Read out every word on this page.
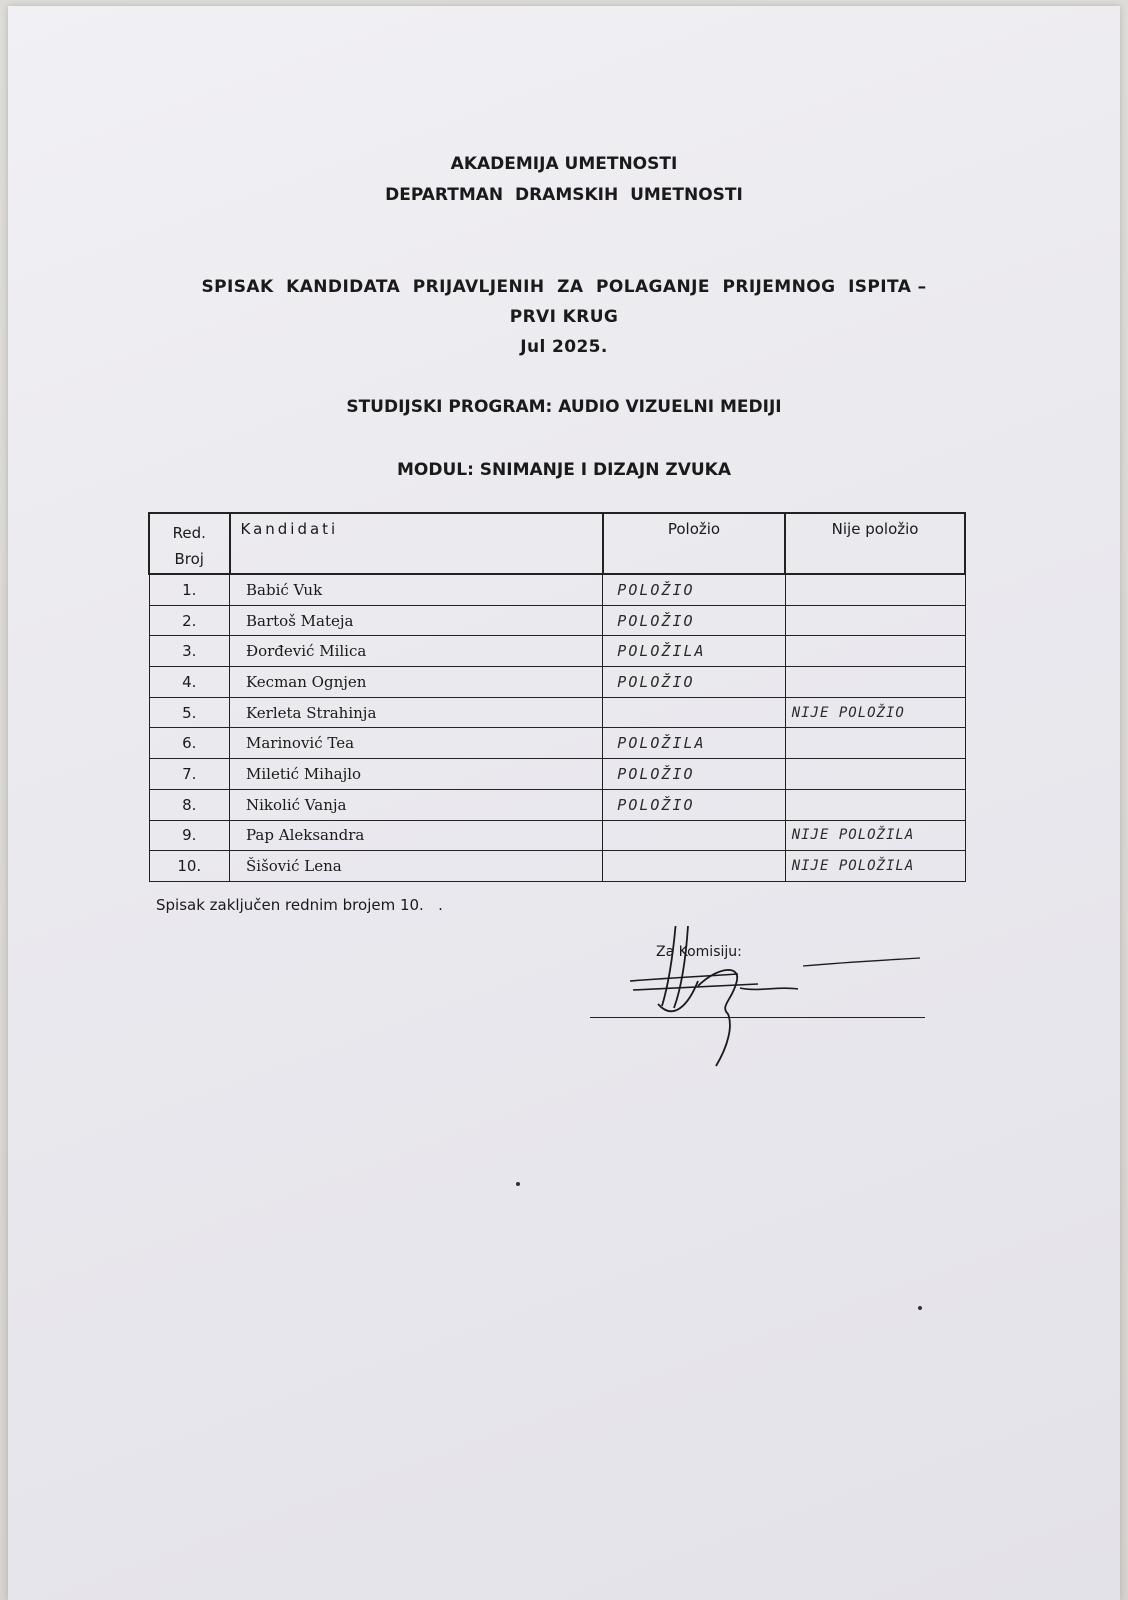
AKADEMIJA UMETNOSTI
DEPARTMAN  DRAMSKIH  UMETNOSTI
SPISAK  KANDIDATA  PRIJAVLJENIH  ZA  POLAGANJE  PRIJEMNOG  ISPITA –
PRVI KRUG
Jul 2025.
STUDIJSKI PROGRAM: AUDIO VIZUELNI MEDIJI
MODUL: SNIMANJE I DIZAJN ZVUKA
Red.
Broj	Kandidati	Položio	Nije položio
1.	Babić Vuk	POLOŽIO	
2.	Bartoš Mateja	POLOŽIO	
3.	Đorđević Milica	POLOŽILA	
4.	Kecman Ognjen	POLOŽIO	
5.	Kerleta Strahinja		NIJE POLOŽIO
6.	Marinović Tea	POLOŽILA	
7.	Miletić Mihajlo	POLOŽIO	
8.	Nikolić Vanja	POLOŽIO	
9.	Pap Aleksandra		NIJE POLOŽILA
10.	Šišović Lena		NIJE POLOŽILA
Spisak zaključen rednim brojem 10.   .
Za Komisiju:
